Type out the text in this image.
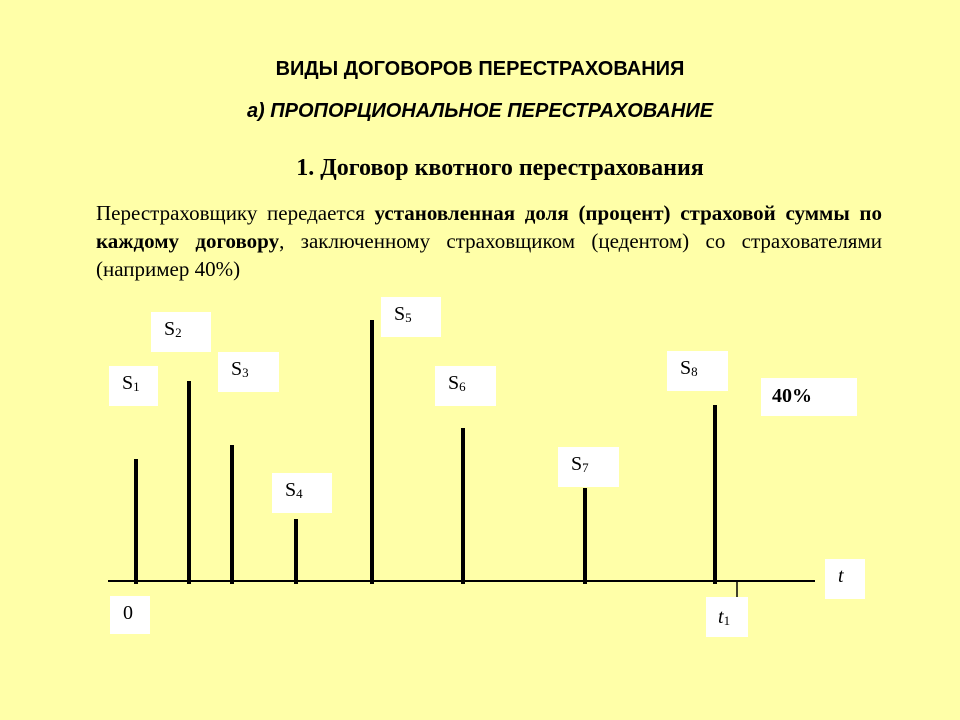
ВИДЫ ДОГОВОРОВ ПЕРЕСТРАХОВАНИЯ
а) ПРОПОРЦИОНАЛЬНОЕ ПЕРЕСТРАХОВАНИЕ
1. Договор квотного перестрахования
Перестраховщику передается установленная доля (процент) страховой суммы по каждому договору, заключенному страховщиком (цедентом) со страхователями (например 40%)
$S_1$
$S_2$
$S_3$
$S_4$
$S_5$
$S_6$
$S_7$
$S_8$
40%
t
0	$t_1$
